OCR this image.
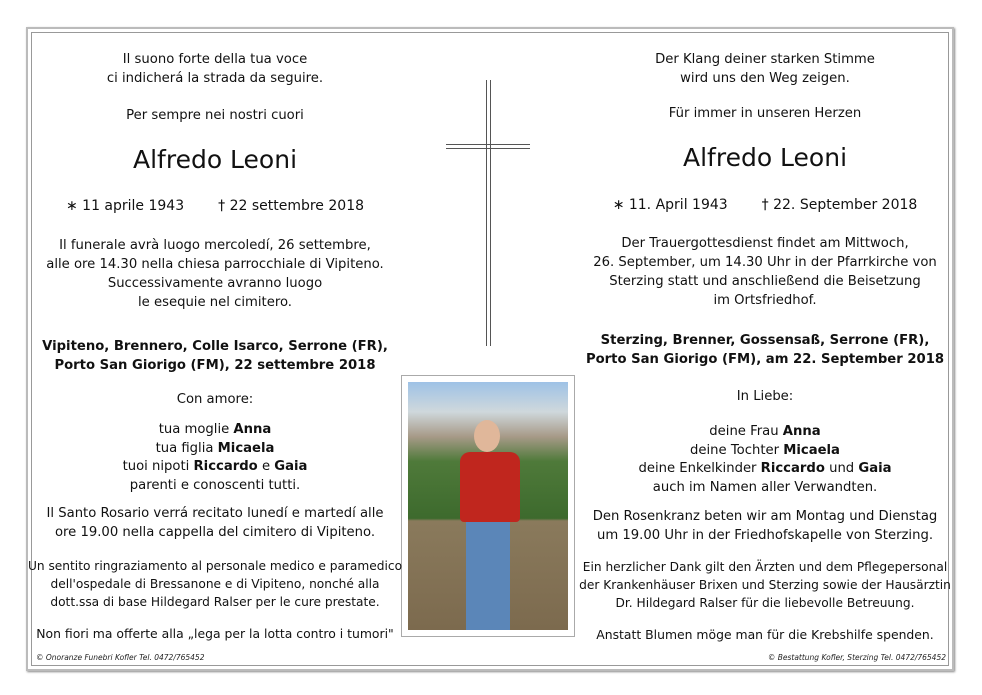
Il suono forte della tua voce
ci indicherá la strada da seguire.
Per sempre nei nostri cuori
Alfredo Leoni
∗ 11 aprile 1943 † 22 settembre 2018
Il funerale avrà luogo mercoledí, 26 settembre,
alle ore 14.30 nella chiesa parrocchiale di Vipiteno.
Successivamente avranno luogo
le esequie nel cimitero.
Vipiteno, Brennero, Colle Isarco, Serrone (FR),
Porto San Giorigo (FM), 22 settembre 2018
Con amore:
tua moglie Anna
tua figlia Micaela
tuoi nipoti Riccardo e Gaia
parenti e conoscenti tutti.
Il Santo Rosario verrá recitato lunedí e martedí alle
ore 19.00 nella cappella del cimitero di Vipiteno.
Un sentito ringraziamento al personale medico e paramedico
dell'ospedale di Bressanone e di Vipiteno, nonché alla
dott.ssa di base Hildegard Ralser per le cure prestate.
Non fiori ma offerte alla „lega per la lotta contro i tumori"
Der Klang deiner starken Stimme
wird uns den Weg zeigen.
Für immer in unseren Herzen
Alfredo Leoni
∗ 11. April 1943 † 22. September 2018
Der Trauergottesdienst findet am Mittwoch,
26. September, um 14.30 Uhr in der Pfarrkirche von
Sterzing statt und anschließend die Beisetzung
im Ortsfriedhof.
Sterzing, Brenner, Gossensaß, Serrone (FR),
Porto San Giorigo (FM), am 22. September 2018
In Liebe:
deine Frau Anna
deine Tochter Micaela
deine Enkelkinder Riccardo und Gaia
auch im Namen aller Verwandten.
Den Rosenkranz beten wir am Montag und Dienstag
um 19.00 Uhr in der Friedhofskapelle von Sterzing.
Ein herzlicher Dank gilt den Ärzten und dem Pflegepersonal
der Krankenhäuser Brixen und Sterzing sowie der Hausärztin
Dr. Hildegard Ralser für die liebevolle Betreuung.
Anstatt Blumen möge man für die Krebshilfe spenden.
© Onoranze Funebri Kofler Tel. 0472/765452	© Bestattung Kofler, Sterzing Tel. 0472/765452
